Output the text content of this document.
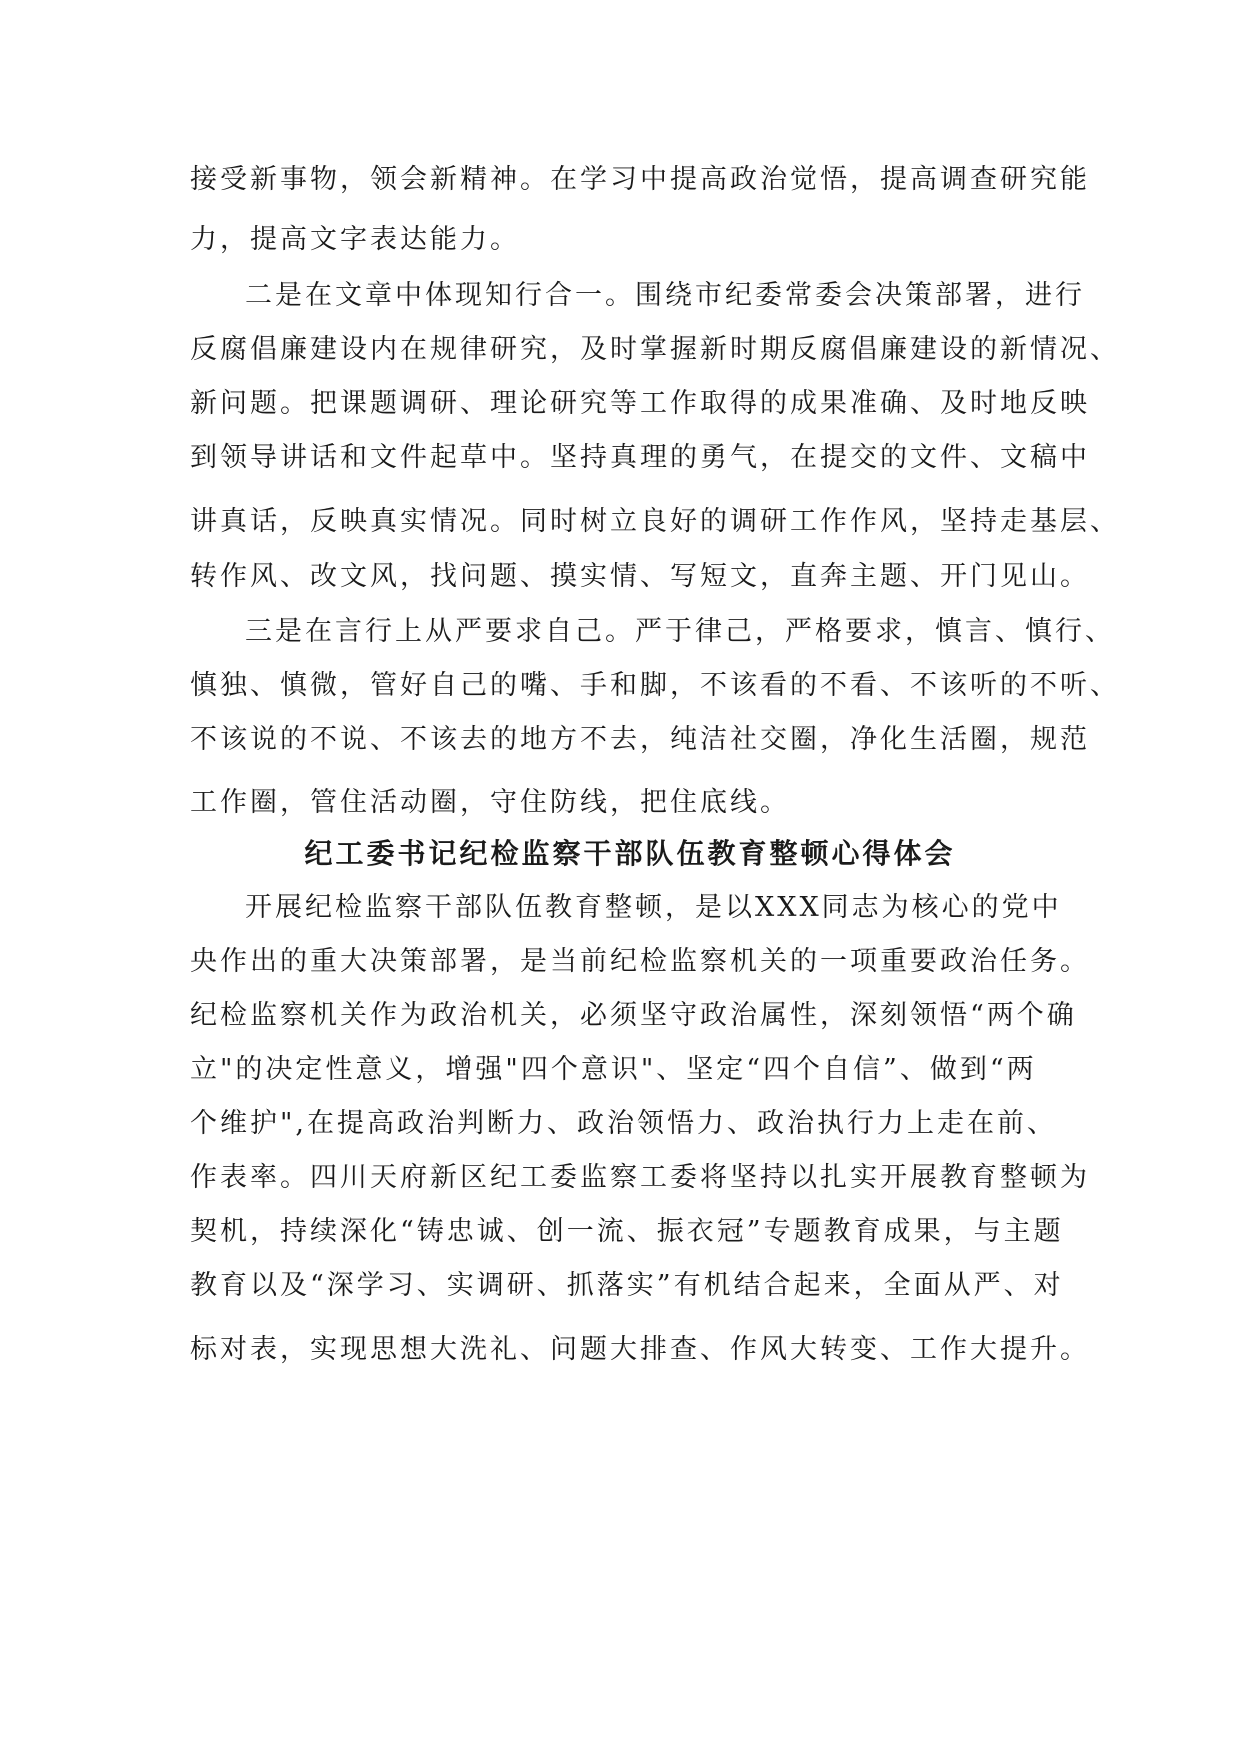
接受新事物，领会新精神。在学习中提高政治觉悟，提高调查研究能
力，提高文字表达能力。
二是在文章中体现知行合一。围绕市纪委常委会决策部署，进行
反腐倡廉建设内在规律研究，及时掌握新时期反腐倡廉建设的新情况、
新问题。把课题调研、理论研究等工作取得的成果准确、及时地反映
到领导讲话和文件起草中。坚持真理的勇气，在提交的文件、文稿中
讲真话，反映真实情况。同时树立良好的调研工作作风，坚持走基层、
转作风、改文风，找问题、摸实情、写短文，直奔主题、开门见山。
三是在言行上从严要求自己。严于律己，严格要求，慎言、慎行、
慎独、慎微，管好自己的嘴、手和脚，不该看的不看、不该听的不听、
不该说的不说、不该去的地方不去，纯洁社交圈，净化生活圈，规范
工作圈，管住活动圈，守住防线，把住底线。
纪工委书记纪检监察干部队伍教育整顿心得体会
开展纪检监察干部队伍教育整顿，是以XXX同志为核心的党中
央作出的重大决策部署，是当前纪检监察机关的一项重要政治任务。
纪检监察机关作为政治机关，必须坚守政治属性，深刻领悟“两个确
立"的决定性意义，增强"四个意识"、坚定“四个自信”、做到“两
个维护",在提高政治判断力、政治领悟力、政治执行力上走在前、
作表率。四川天府新区纪工委监察工委将坚持以扎实开展教育整顿为
契机，持续深化“铸忠诚、创一流、振衣冠”专题教育成果，与主题
教育以及“深学习、实调研、抓落实”有机结合起来，全面从严、对
标对表，实现思想大洗礼、问题大排查、作风大转变、工作大提升。
